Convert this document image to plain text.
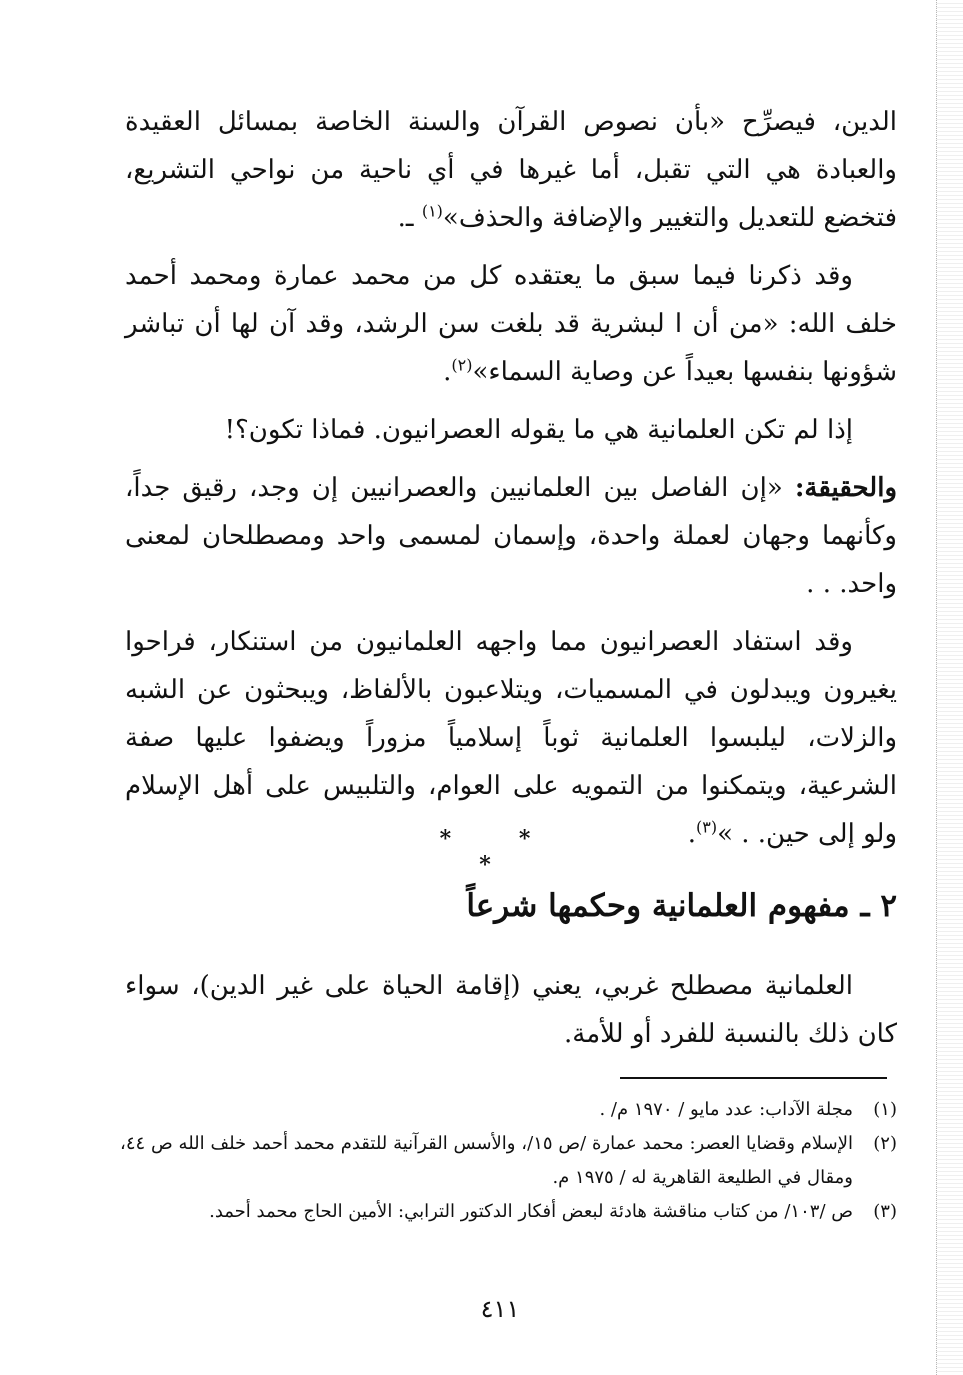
الدين، فيصرِّح «بأن نصوص القرآن والسنة الخاصة بمسائل العقيدة والعبادة هي التي تقبل، أما غيرها في أي ناحية من نواحي التشريع، فتخضع للتعديل والتغيير والإضافة والحذف»$^{(١)}$ ـ.

وقد ذكرنا فيما سبق ما يعتقده كل من محمد عمارة ومحمد أحمد خلف الله: «من أن ا لبشرية قد بلغت سن الرشد، وقد آن لها أن تباشر شؤونها بنفسها بعيداً عن وصاية السماء»$^{(٢)}$.

إذا لم تكن العلمانية هي ما يقوله العصرانيون. فماذا تكون؟!

والحقيقة: «إن الفاصل بين العلمانيين والعصرانيين إن وجد، رقيق جداً، وكأنهما وجهان لعملة واحدة، وإسمان لمسمى واحد ومصطلحان لمعنى واحد. . .

وقد استفاد العصرانيون مما واجهه العلمانيون من استنكار، فراحوا يغيرون ويبدلون في المسميات، ويتلاعبون بالألفاظ، ويبحثون عن الشبه والزلات، ليلبسوا العلمانية ثوباً إسلامياً مزوراً ويضفوا عليها صفة الشرعية، ويتمكنوا من التمويه على العوام، والتلبيس على أهل الإسلام ولو إلى حين. . »$^{(٣)}$.

* * *
٢ ـ مفهوم العلمانية وحكمها شرعاً
العلمانية مصطلح غربي، يعني (إقامة الحياة على غير الدين)، سواء كان ذلك بالنسبة للفرد أو للأمة.
(١)
مجلة الآداب: عدد مايو / ١٩٧٠ م/ .
(٢)
الإسلام وقضايا العصر: محمد عمارة /ص ١٥/، والأسس القرآنية للتقدم محمد أحمد خلف الله ص ٤٤، ومقال في الطليعة القاهرية له / ١٩٧٥ م.
(٣)
ص /١٠٣/ من كتاب مناقشة هادئة لبعض أفكار الدكتور الترابي: الأمين الحاج محمد أحمد.
٤١١
